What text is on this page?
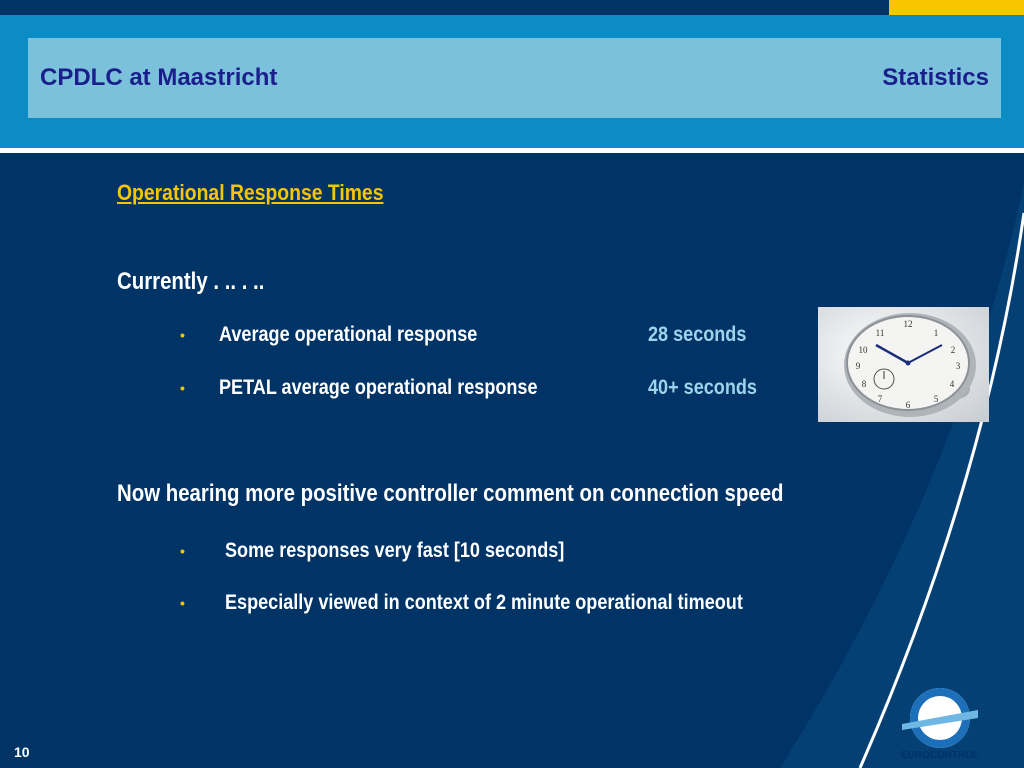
CPDLC at Maastricht	Statistics
Operational Response Times
Currently . .. . ..
• Average operational response	28 seconds
• PETAL average operational response	40+ seconds
12
1
2
3
4
5
6
7
8
9
10
11
Now hearing more positive controller comment on connection speed
• Some responses very fast [10 seconds]
• Especially viewed in context of 2 minute operational timeout
10	EUROCONTROL
